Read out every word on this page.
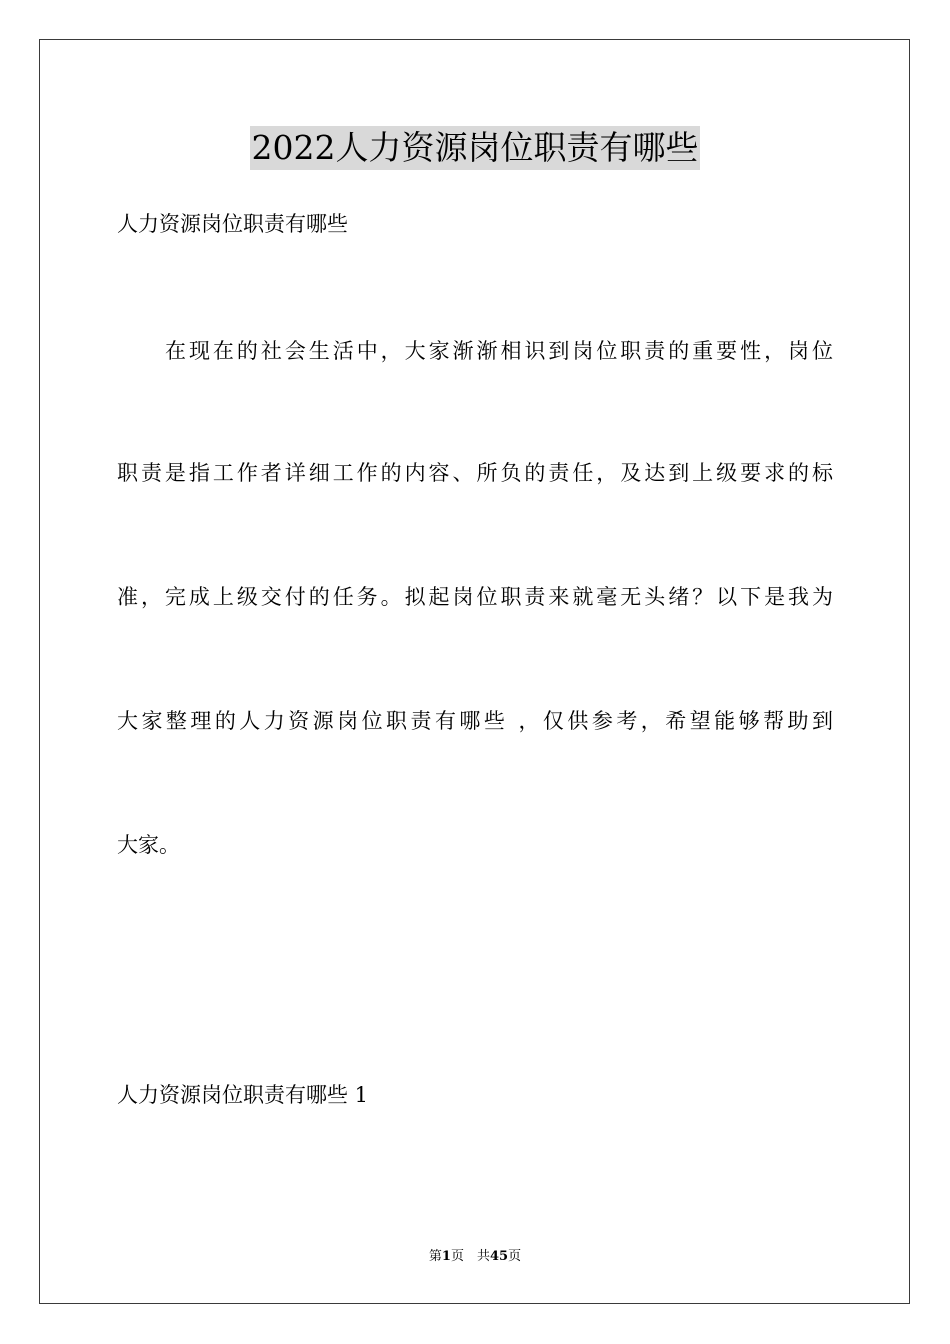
2022人力资源岗位职责有哪些

人力资源岗位职责有哪些

在现在的社会生活中，大家渐渐相识到岗位职责的重要性，岗位

职责是指工作者详细工作的内容、所负的责任，及达到上级要求的标

准，完成上级交付的任务。拟起岗位职责来就毫无头绪？以下是我为

大家整理的人力资源岗位职责有哪些 ，仅供参考，希望能够帮助到

大家。

人力资源岗位职责有哪些 1

第1页　共45页
